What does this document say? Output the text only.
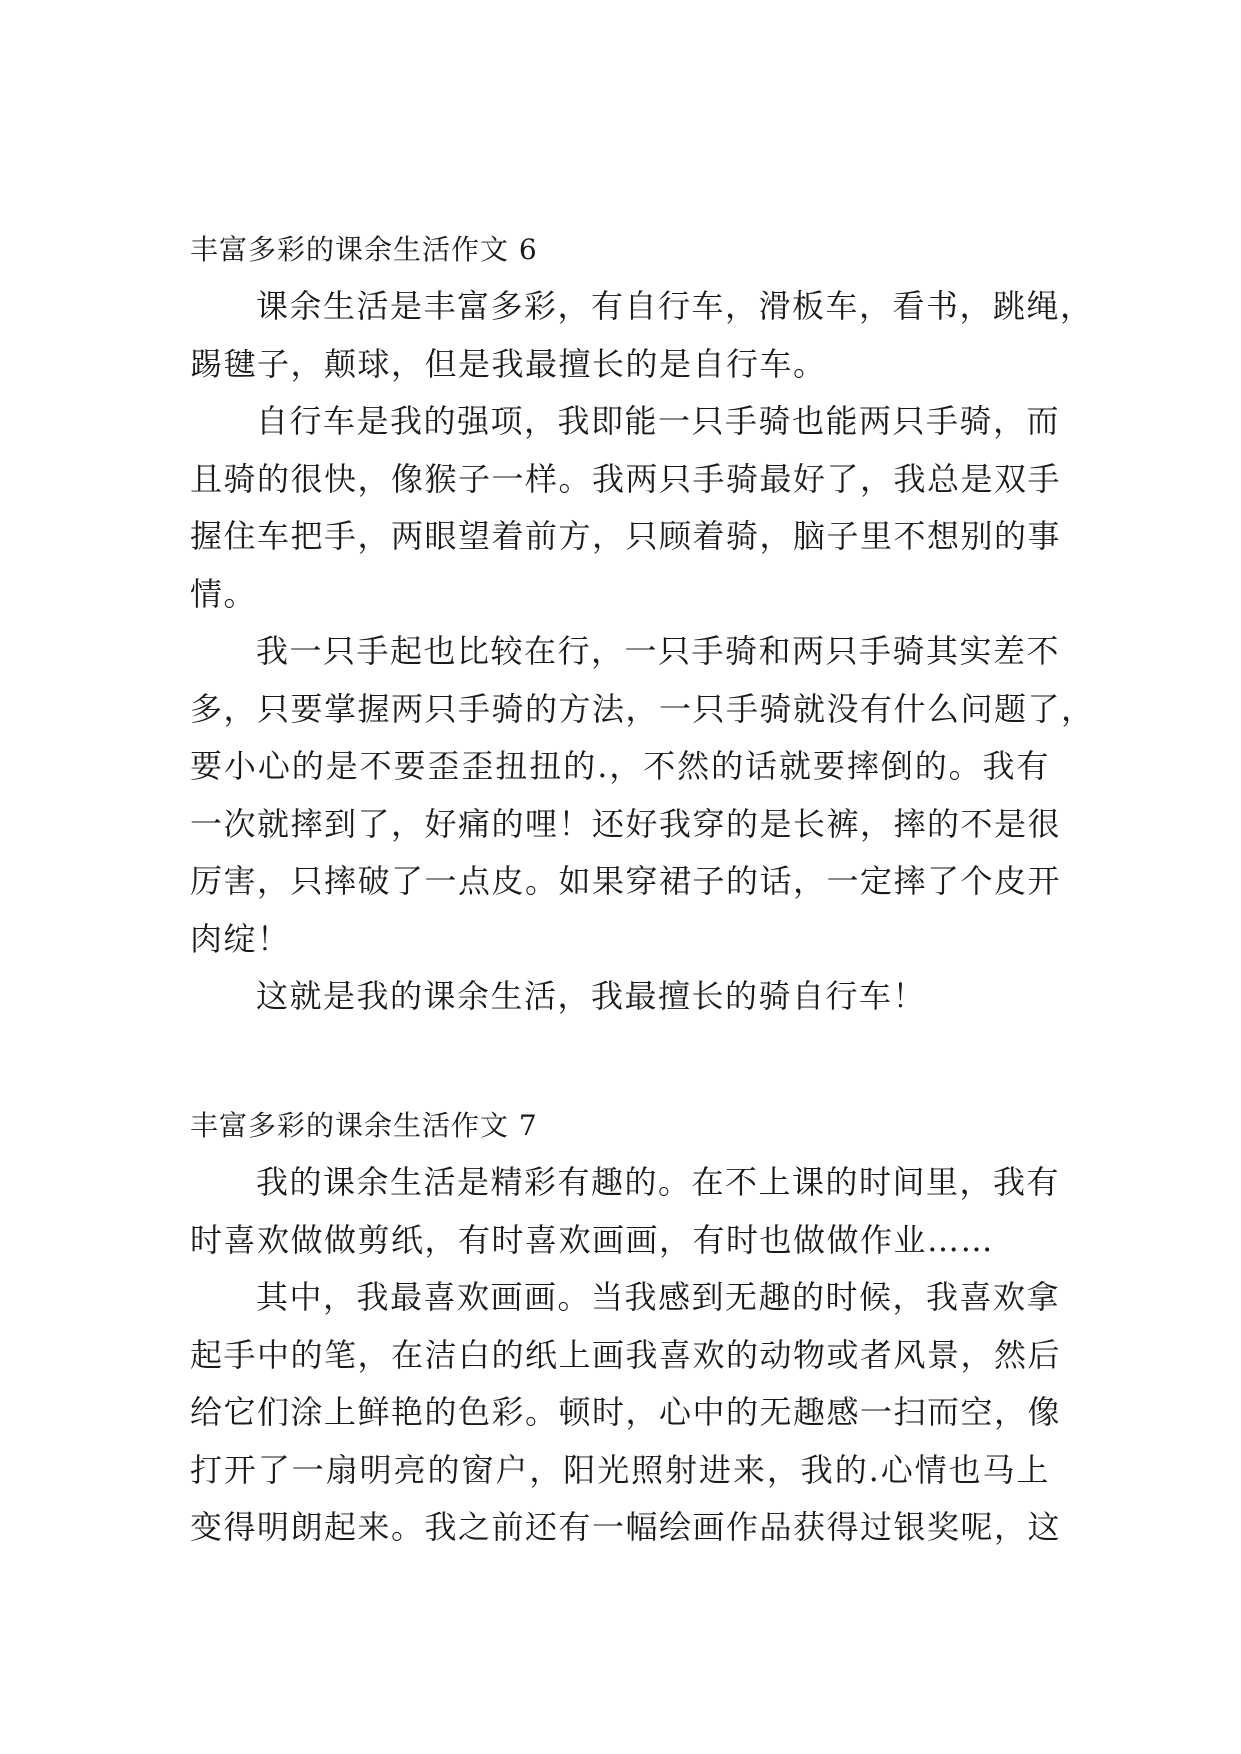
丰富多彩的课余生活作文 6

课余生活是丰富多彩，有自行车，滑板车，看书，跳绳，
踢毽子，颠球，但是我最擅长的是自行车。

自行车是我的强项，我即能一只手骑也能两只手骑，而
且骑的很快，像猴子一样。我两只手骑最好了，我总是双手
握住车把手，两眼望着前方，只顾着骑，脑子里不想别的事
情。

我一只手起也比较在行，一只手骑和两只手骑其实差不
多，只要掌握两只手骑的方法，一只手骑就没有什么问题了，
要小心的是不要歪歪扭扭的.，不然的话就要摔倒的。我有
一次就摔到了，好痛的哩！还好我穿的是长裤，摔的不是很
厉害，只摔破了一点皮。如果穿裙子的话，一定摔了个皮开
肉绽！

这就是我的课余生活，我最擅长的骑自行车！

丰富多彩的课余生活作文 7

我的课余生活是精彩有趣的。在不上课的时间里，我有
时喜欢做做剪纸，有时喜欢画画，有时也做做作业……

其中，我最喜欢画画。当我感到无趣的时候，我喜欢拿
起手中的笔，在洁白的纸上画我喜欢的动物或者风景，然后
给它们涂上鲜艳的色彩。顿时，心中的无趣感一扫而空，像
打开了一扇明亮的窗户，阳光照射进来，我的.心情也马上
变得明朗起来。我之前还有一幅绘画作品获得过银奖呢，这
